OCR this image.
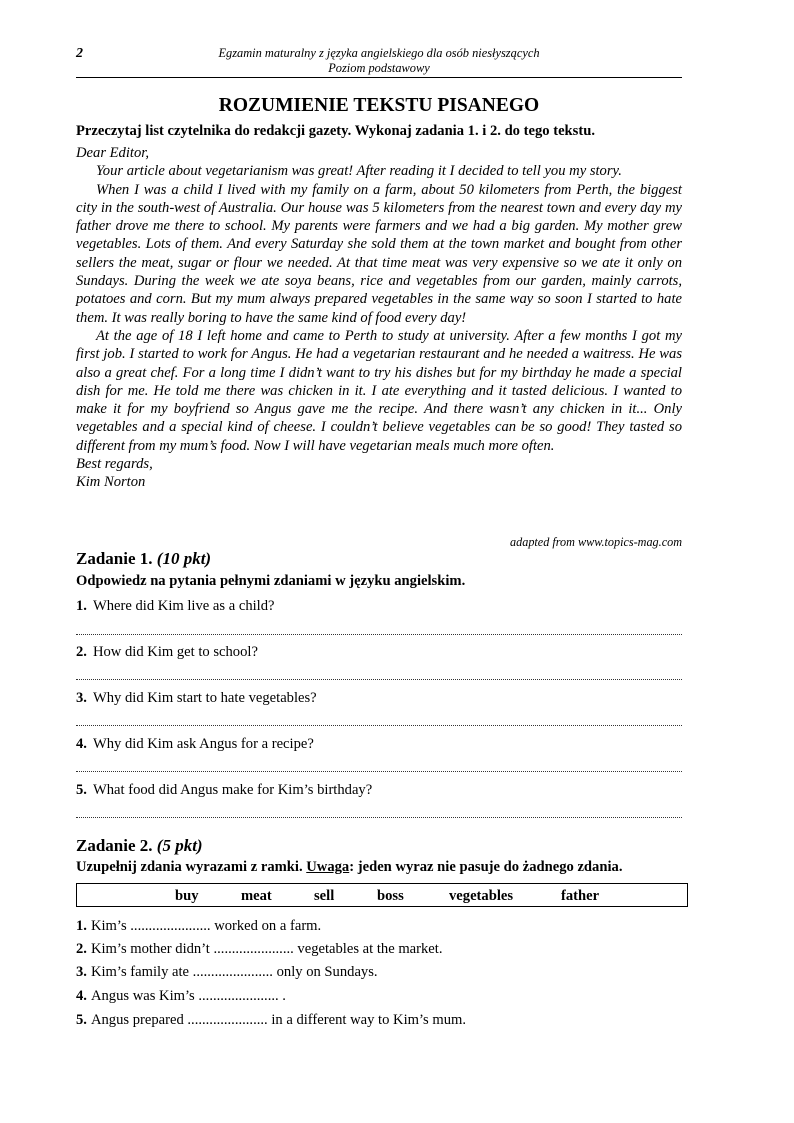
2	Egzamin maturalny z języka angielskiego dla osób niesłyszących
Poziom podstawowy
ROZUMIENIE TEKSTU PISANEGO
Przeczytaj list czytelnika do redakcji gazety. Wykonaj zadania 1. i 2. do tego tekstu.

Dear Editor,

Your article about vegetarianism was great! After reading it I decided to tell you my story.

When I was a child I lived with my family on a farm, about 50 kilometers from Perth, the biggest city in the south-west of Australia. Our house was 5 kilometers from the nearest town and every day my father drove me there to school. My parents were farmers and we had a big garden. My mother grew vegetables. Lots of them. And every Saturday she sold them at the town market and bought from other sellers the meat, sugar or flour we needed. At that time meat was very expensive so we ate it only on Sundays. During the week we ate soya beans, rice and vegetables from our garden, mainly carrots, potatoes and corn. But my mum always prepared vegetables in the same way so soon I started to hate them. It was really boring to have the same kind of food every day!

At the age of 18 I left home and came to Perth to study at university. After a few months I got my first job. I started to work for Angus. He had a vegetarian restaurant and he needed a waitress. He was also a great chef. For a long time I didn’t want to try his dishes but for my birthday he made a special dish for me. He told me there was chicken in it. I ate everything and it tasted delicious. I wanted to make it for my boyfriend so Angus gave me the recipe. And there wasn’t any chicken in it... Only vegetables and a special kind of cheese. I couldn’t believe vegetables can be so good! They tasted so different from my mum’s food. Now I will have vegetarian meals much more often.

Best regards,

Kim Norton

adapted from www.topics-mag.com
Zadanie 1. (10 pkt)
Odpowiedz na pytania pełnymi zdaniami w języku angielskim.
1. Where did Kim live as a child?
2. How did Kim get to school?
3. Why did Kim start to hate vegetables?
4. Why did Kim ask Angus for a recipe?
5. What food did Angus make for Kim’s birthday?
Zadanie 2. (5 pkt)
Uzupełnij zdania wyrazami z ramki. Uwaga: jeden wyraz nie pasuje do żadnego zdania.
buy	meat	sell	boss	vegetables	father
1. Kim’s ...................... worked on a farm.
2. Kim’s mother didn’t ...................... vegetables at the market.
3. Kim’s family ate ...................... only on Sundays.
4. Angus was Kim’s ...................... .
5. Angus prepared ...................... in a different way to Kim’s mum.
